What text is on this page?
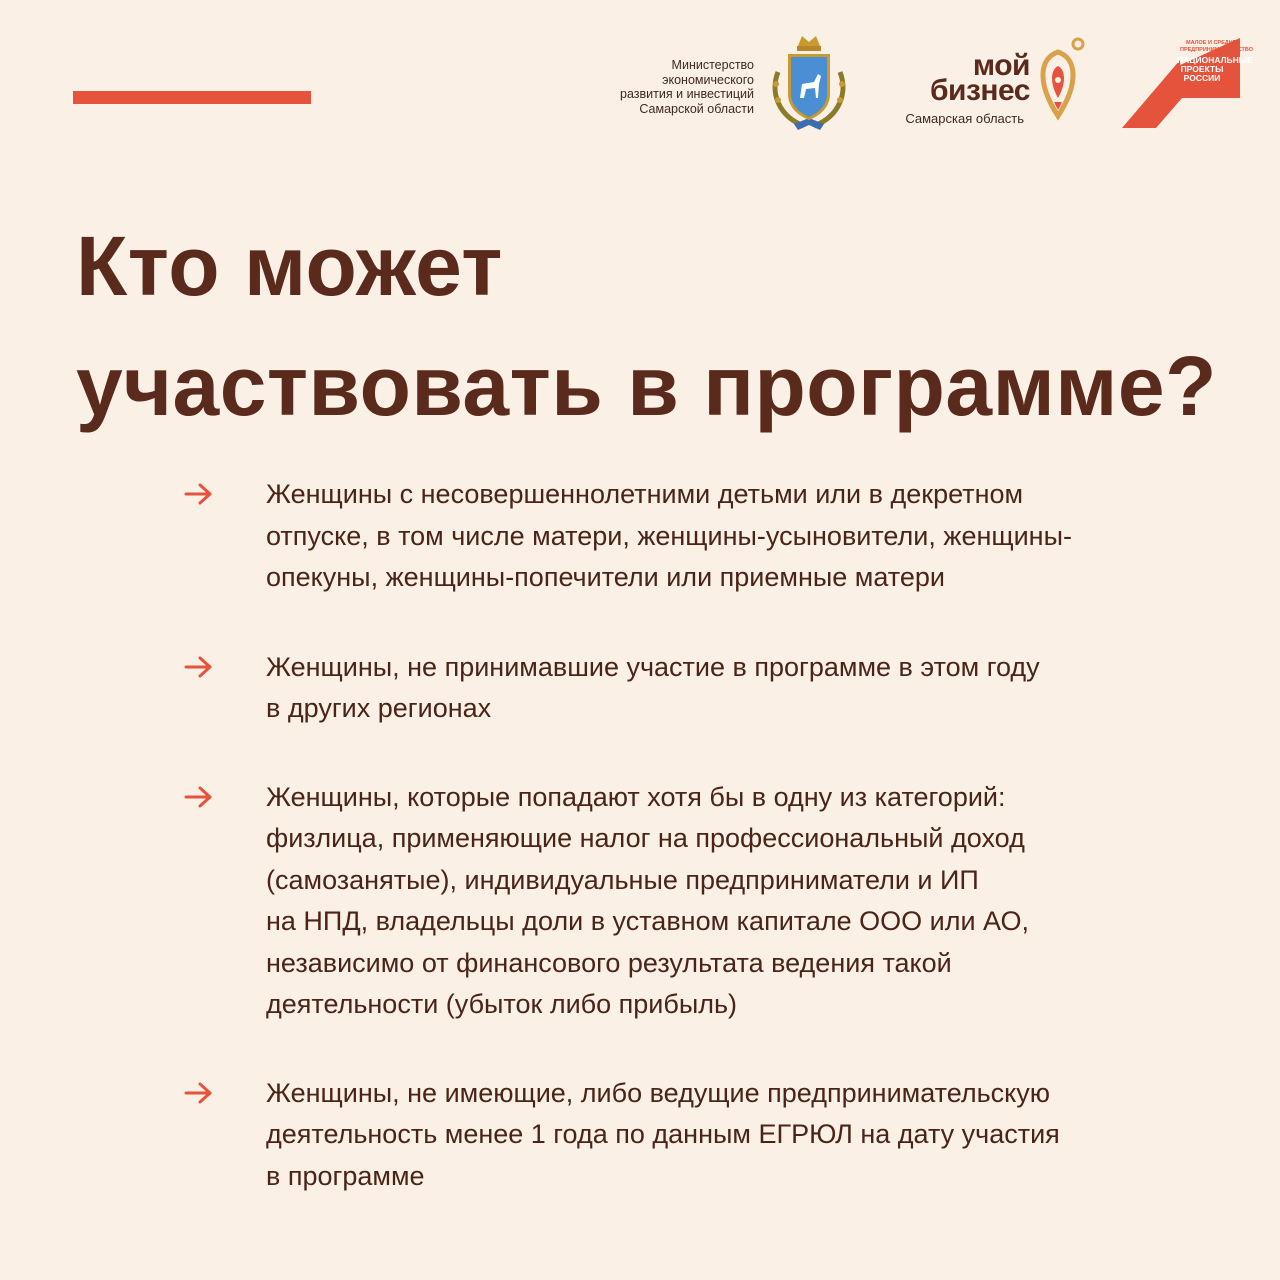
Министерство
экономического
развития и инвестиций
Самарской области
мой
бизнес
Самарская область
МАЛОЕ И СРЕДНЕЕ
ПРЕДПРИНИМАТЕЛЬСТВО
НАЦИОНАЛЬНЫЕ
ПРОЕКТЫ
РОССИИ
Кто может
участвовать в программе?
Женщины с несовершеннолетними детьми или в декретном
отпуске, в том числе матери, женщины-усыновители, женщины-
опекуны, женщины-попечители или приемные матери
Женщины, не принимавшие участие в программе в этом году
в других регионах
Женщины, которые попадают хотя бы в одну из категорий:
физлица, применяющие налог на профессиональный доход
(самозанятые), индивидуальные предприниматели и ИП
на НПД, владельцы доли в уставном капитале ООО или АО,
независимо от финансового результата ведения такой
деятельности (убыток либо прибыль)
Женщины, не имеющие, либо ведущие предпринимательскую
деятельность менее 1 года по данным ЕГРЮЛ на дату участия
в программе
